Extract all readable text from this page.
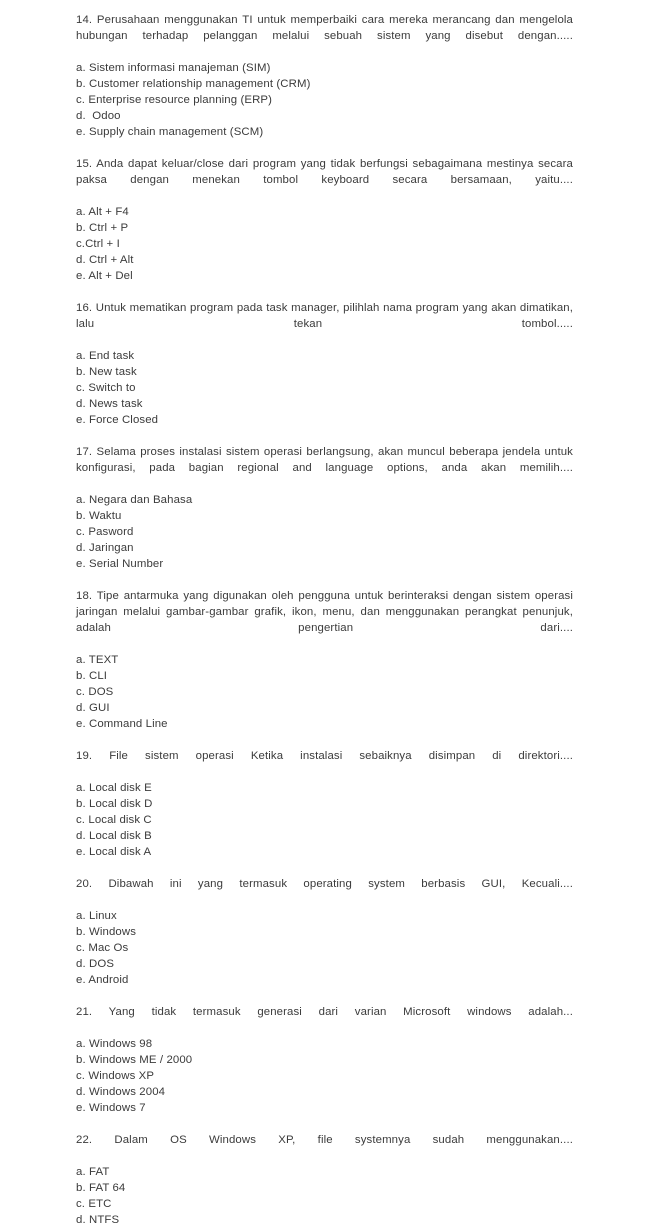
14. Perusahaan menggunakan TI untuk memperbaiki cara mereka merancang dan mengelola hubungan terhadap pelanggan melalui sebuah sistem yang disebut dengan.....

a. Sistem informasi manajeman (SIM)
b. Customer relationship management (CRM)
c. Enterprise resource planning (ERP)
d.  Odoo
e. Supply chain management (SCM)

15. Anda dapat keluar/close dari program yang tidak berfungsi sebagaimana mestinya secara paksa dengan menekan tombol keyboard secara bersamaan, yaitu....

a. Alt + F4
b. Ctrl + P
c.Ctrl + I
d. Ctrl + Alt
e. Alt + Del

16. Untuk mematikan program pada task manager, pilihlah nama program yang akan dimatikan, lalu tekan tombol.....

a. End task
b. New task
c. Switch to
d. News task
e. Force Closed

17. Selama proses instalasi sistem operasi berlangsung, akan muncul beberapa jendela untuk konfigurasi, pada bagian regional and language options, anda akan memilih....

a. Negara dan Bahasa
b. Waktu
c. Pasword
d. Jaringan
e. Serial Number

18. Tipe antarmuka yang digunakan oleh pengguna untuk berinteraksi dengan sistem operasi jaringan melalui gambar-gambar grafik, ikon, menu, dan menggunakan perangkat penunjuk, adalah pengertian dari....

a. TEXT
b. CLI
c. DOS
d. GUI
e. Command Line

19. File sistem operasi Ketika instalasi sebaiknya disimpan di direktori....

a. Local disk E
b. Local disk D
c. Local disk C
d. Local disk B
e. Local disk A

20. Dibawah ini yang termasuk operating system berbasis GUI, Kecuali....

a. Linux
b. Windows
c. Mac Os
d. DOS
e. Android

21. Yang tidak termasuk generasi dari varian Microsoft windows adalah...

a. Windows 98
b. Windows ME / 2000
c. Windows XP
d. Windows 2004
e. Windows 7

22. Dalam OS Windows XP, file systemnya sudah menggunakan....

a. FAT
b. FAT 64
c. ETC
d. NTFS
